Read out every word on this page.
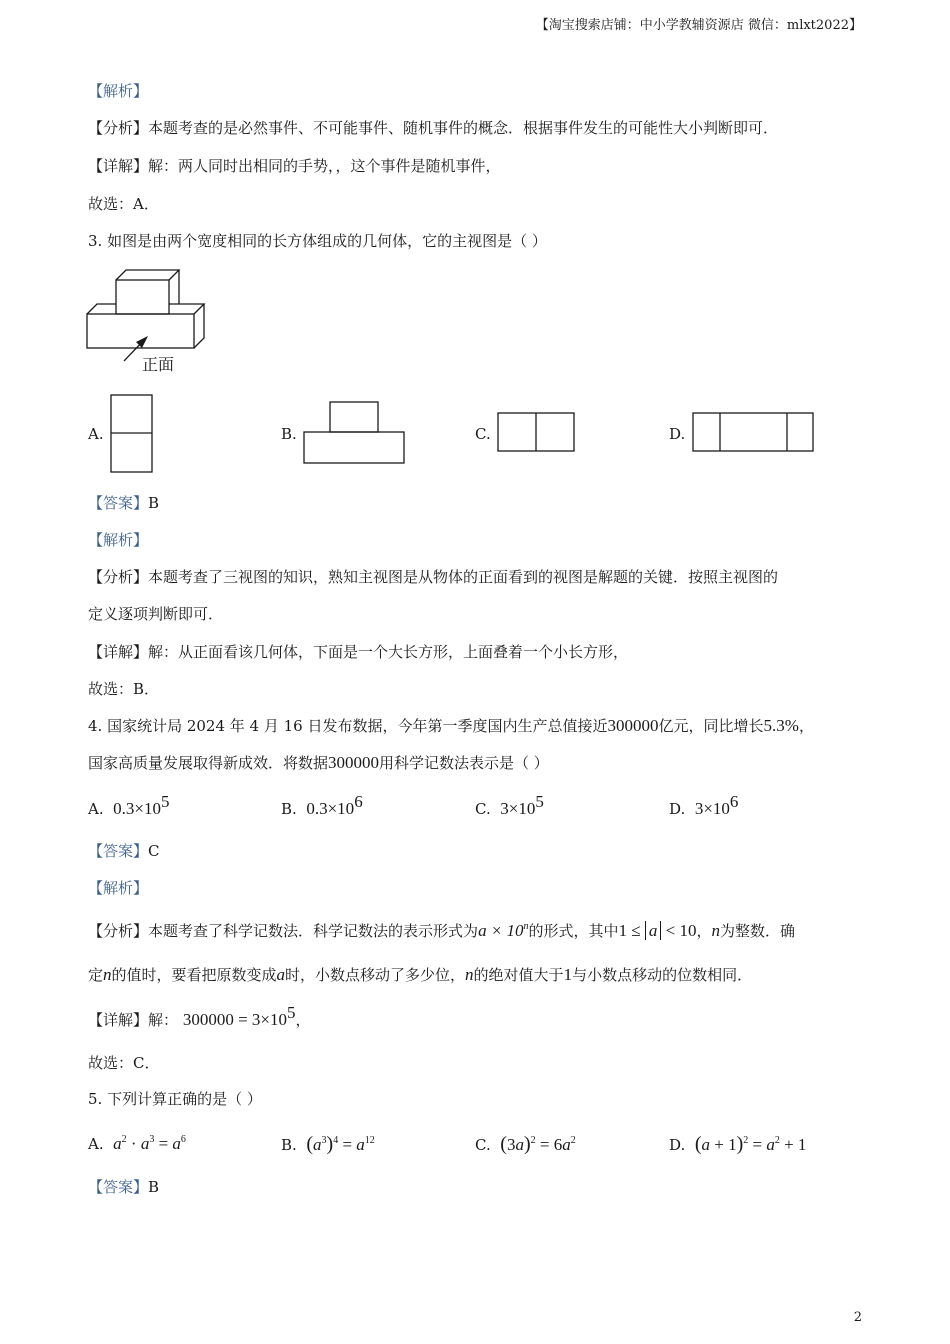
【淘宝搜索店铺：中小学教辅资源店 微信：mlxt2022】
【解析】
【分析】本题考查的是必然事件、不可能事件、随机事件的概念．根据事件发生的可能性大小判断即可．
【详解】解：两人同时出相同的手势，，这个事件是随机事件，
故选：A．
3. 如图是由两个宽度相同的长方体组成的几何体，它的主视图是（ ）
正面
A.	B.	C.	D.
【答案】B
【解析】
【分析】本题考查了三视图的知识，熟知主视图是从物体的正面看到的视图是解题的关键．按照主视图的
定义逐项判断即可．
【详解】解：从正面看该几何体，下面是一个大长方形，上面叠着一个小长方形，
故选：B．
4. 国家统计局 2024 年 4 月 16 日发布数据，今年第一季度国内生产总值接近300000亿元，同比增长5.3%，
国家高质量发展取得新成效．将数据300000用科学记数法表示是（ ）
A. $0.3\times 10^5$	B. $0.3\times 10^6$	C. $3\times 10^5$	D. $3\times 10^6$
【答案】C
【解析】
【分析】本题考查了科学记数法．科学记数法的表示形式为$a \times 10^n$的形式，其中1 ≤ a < 10，n为整数．确
定n的值时，要看把原数变成a时，小数点移动了多少位，n的绝对值大于1与小数点移动的位数相同．
【详解】解： $300000 = 3\times 10^5$，
故选：C．
5. 下列计算正确的是（ ）
A. $a^2 \cdot a^3 = a^6$	B. $(a^3)^4 = a^{12}$	C. $(3a)^2 = 6a^2$	D. $(a + 1)^2 = a^2 + 1$
【答案】B
2
